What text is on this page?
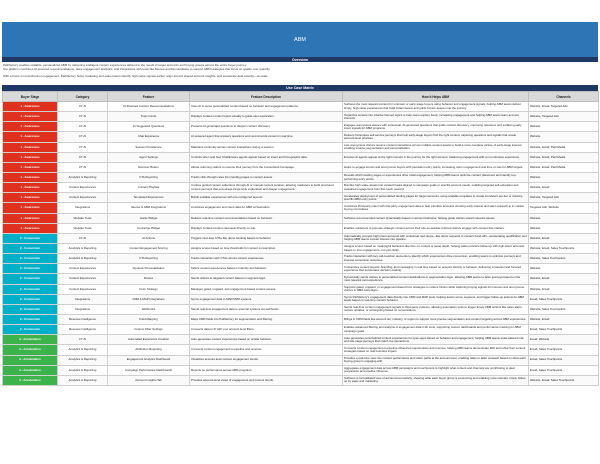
ABM
Overview

Pathfactory enables scalable, personalized ABM by delivering intelligent content experiences tailored to the needs of target accounts and buying groups across the entire buyer journey.

Our platform combines AI-powered recommendations, deep engagement analytics, and integrations with tools like 6sense and Demandbase to support ABM strategies that focus on quality over quantity.

With a focus on omnichannel engagement, Pathfactory helps marketing and sales teams identify high-value signals earlier, align around shared account insights, and accelerate deal velocity—at scale.

Use Case Matrix
Buyer Stage	Category	Feature	Feature Description	How it Helps ABM	Channels
1 - Awareness	CT AI	AI-Powered Content Recommendations	Uses AI to serve personalized content based on behavior and engagement patterns.	Surfaces the most relevant content for unknown or early-stage buyers using behavior and engagement signals, helping ABM teams deliver timely, high-value experiences that build initial interest and guide buyers deeper into the journey.	Website, Email, Targeted Ads
1 - Awareness	CT AI	Topic Cards	Displays curated content topics visually to guide user exploration.	Organizes content into intuitive themed topics to help users explore freely, increasing engagement and helping ABM teams learn account interests.	Website, Targeted Ads
1 - Awareness	CT AI	AI Suggested Questions	Presents AI-generated questions to deepen content discovery.	Engages anonymous visitors with contextual, AI-generated questions that guide content discovery, improving relevance and surfacing early intent signals for ABM programs.	Website
1 - Awareness	CT AI	Chat Experience	AI-powered agent that answers questions and recommends content in real time.	Delivers frictionless self-service journeys that help early-stage buyers find the right content, capturing questions and signals that reveal account-level priorities.	Website
1 - Awareness	CT AI	Session Persistence	Maintains continuity across content interactions during a session.	Lets anonymous visitors resume content interactions across multiple content assets to build a more complete picture of early-stage interest, enabling smarter segmentation and personalization.	Website, Email, Paid Media
1 - Awareness	CT AI	Agent Settings	Controls when and how Chat/Ensure agents appear based on intent and firmographic data.	Ensures AI agents appear at the right moment in the journey for the right account, balancing engagement with a non-intrusive experience.	Website, Email, Paid Media
1 - Awareness	CT AI	Discover Button	Allows returning visitors to resume their journey from the ContentHub homepage.	Helps re-engage known and anonymous buyers with persistent entry points, increasing return engagement and time on site for ABM targets.	Website, Email, Paid Media
1 - Awareness	Analytics & Reporting	CTA Reporting	Tracks click-through rates from landing pages to content assets.	Reveals which landing pages or experiences drive initial engagement, helping ABM teams optimize content placement and identify top-performing entry points.	Website
1 - Awareness	Content Experiences	Content Playlists	Curates guided content collections through AI or manual content curation, allowing marketers to build structured content journeys that encourage binge-style exploration and deeper engagement.	Bundles high-value assets into curated tracks aligned to campaign goals or specific account needs, enabling targeted self-education and sustained engagement from first touch onward.	Website, Email
1 - Awareness	Content Experiences	Templated Experiences	Builds scalable experiences with pre-configured layouts.	Accelerates deployment of personalized landing pages for target accounts, using scalable templates to create consistent per-tier or industry-specific ABM entry points.	Website, Targeted Ads
1 - Awareness	Integrations	6sense & ABM Integrations	Combines engagement and intent data for ABM orchestration.	Combines third-party intent with first-party engagement data to help prioritize accounts showing early interest and tailor outreach to in-market buying committees.	Targeted Ads, Website
1 - Awareness	Website Tools	Guide Widget	Delivers real-time content recommendations based on behavior.	Surfaces recommended content dynamically based on account behavior, helping guide visitors toward relevant assets.	Website
1 - Awareness	Website Tools	Concierge Widget	Displays curated content carousels directly on site.	Enables marketers to promote strategic content across their site so website-referred visitors engage with content that matters.	Website
2 - Conversion	CT AI	AI Actions	Triggers next-step CTAs like demo booking based on behavior.	Automatically prompts high-intent accounts with contextual next steps—like demo requests or content hand-offs—accelerating qualification and helping ABM teams convert interest into pipeline.	Website, Email
2 - Conversion	Analytics & Reporting	Content Engagement Scoring	Assigns scores based on time thresholds for content consumption.	Assigns scores based on meaningful behaviors like time on content or asset depth, helping sales prioritize follow-up with high-intent accounts based on true engagement—not just clicks.	Website, Email, Sales Touchpoints
2 - Conversion	Analytics & Reporting	CTA Reporting	Tracks interaction with CTAs across content experiences.	Tracks interaction with key call-to-action elements to identify which experiences drive conversion, enabling teams to optimize journeys and improve conversion outcomes.	Website, Sales Touchpoints
2 - Conversion	Content Experiences	Dynamic Personalization	Tailors content experiences based on identity and behavior.	Customizes content layouts, branding, and messaging in real time based on account identity or behavior, delivering a relevant and focused experience that accelerates decision-making.	Website
2 - Conversion	Content Experiences	Routes	Sends visitors to targeted content based on segment logic.	Dynamically sends visitors to personalized content destinations or segmentation logic, allowing ABM teams to tailor journeys based on the most relevant next experience.	Website, Email
2 - Conversion	Content Experiences	Form Strategy	Manages gated, ungated, and engagement-based content access.	Supports gated, ungated, or engagement-based form strategies to reduce friction while capturing buying signals from known and anonymous visitors in ABM campaigns.	Website, Email
2 - Conversion	Integrations	CRM & MAP Integrations	Syncs engagement data to MAP/CRM systems.	Syncs Pathfactory's engagement data directly into CRM and MAP tools, helping teams score, segment, and trigger follow-up actions for ABM leads based on real-time content behavior.	Email, Sales Touchpoints
2 - Conversion	Integrations	Webhooks	Sends real-time engagement data to external systems via webhooks.	Sends real-time content engagement signals to third-party systems, allowing automation tools to trigger timely ABM actions like sales alerts, nurture updates, or ad targeting based on conversations.	Website, Sales Touchpoints
2 - Conversion	Revenue Intelligence	Field Mapping	Maps CRM fields into Pathfactory for segmentation and filtering.	Brings in CRM fields like account tier, industry, or region to support more precise segmentation and content targeting across ABM experiences.	Website, Email
2 - Conversion	Revenue Intelligence	Custom Filter Settings	Connects data to fit with your account level filters.	Enables advanced filtering and analysis of engagement data in RI tools, supporting custom dashboards and performance tracking for ABM campaign goals.	Email, Sales Touchpoints
3 - Acceleration	CT AI	Automated Experience Creation	Auto-generates content experiences based on similar behavior.	Auto-generates personalized content experiences for open-opps based on behavior and engagement, helping ABM teams scale tailored mid- and late-stage journeys that match rep interactions.	Email, Website
3 - Acceleration	Analytics & Reporting	Attribution Reporting	Connects content engagement to pipeline and revenue.	Connects content engagement to pipeline influenced opportunities and revenue, helping ABM teams demonstrate ROI and refine their content strategies based on real business impact.	Email, Sales Touchpoints
3 - Acceleration	Analytics & Reporting	Engagement Analytics Dashboard	Visualizes account-level content engagement trends.	Provides a real-time view into content performance and visitor paths at the account level, enabling sales to tailor outreach based on what each buying group is engaging with.	Email, Sales Touchpoints
3 - Acceleration	Analytics & Reporting	Campaign Performance Dashboards	Reports on performance across ABM programs.	Aggregates engagement data across ABM campaigns and touchpoints to highlight what content and channels are contributing to deal progression and pipeline influence.	Email, Sales Touchpoints
3 - Acceleration	Analytics & Reporting	Account Insights Tab	Provides account-level views of engagement and content trends.	Surfaces a consolidated view of account-level activity, showing what each buyer group is consuming and enabling more relevant, timely follow-up by sales and marketing.	Website, Email, Sales Touchpoints
